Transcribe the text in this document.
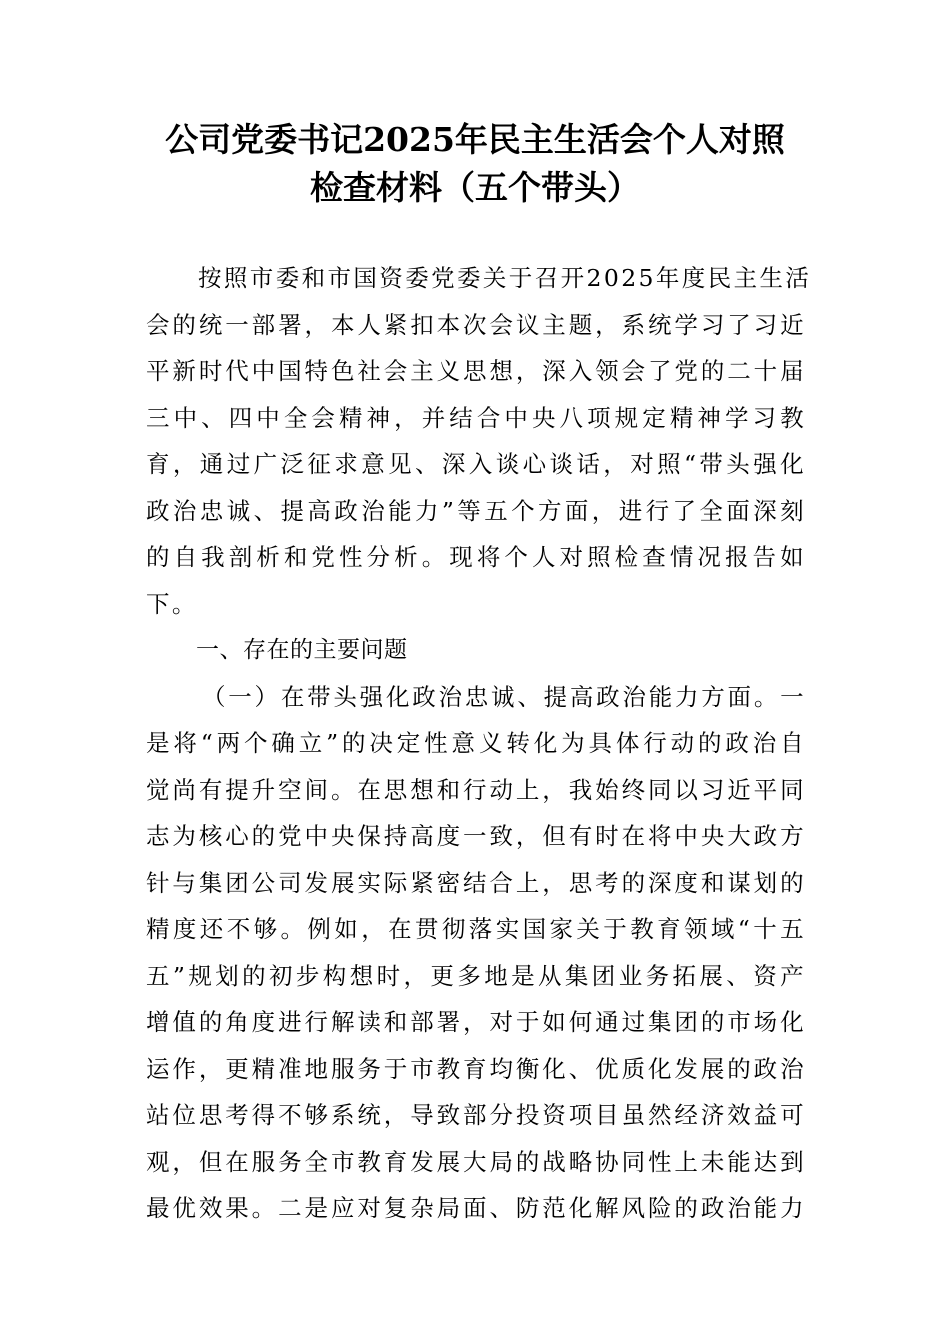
公司党委书记2025年民主生活会个人对照
检查材料（五个带头）
按照市委和市国资委党委关于召开2025年度民主生活
会的统一部署，本人紧扣本次会议主题，系统学习了习近
平新时代中国特色社会主义思想，深入领会了党的二十届
三中、四中全会精神，并结合中央八项规定精神学习教
育，通过广泛征求意见、深入谈心谈话，对照“带头强化
政治忠诚、提高政治能力”等五个方面，进行了全面深刻
的自我剖析和党性分析。现将个人对照检查情况报告如
下。
一、存在的主要问题
（一）在带头强化政治忠诚、提高政治能力方面。一
是将“两个确立”的决定性意义转化为具体行动的政治自
觉尚有提升空间。在思想和行动上，我始终同以习近平同
志为核心的党中央保持高度一致，但有时在将中央大政方
针与集团公司发展实际紧密结合上，思考的深度和谋划的
精度还不够。例如，在贯彻落实国家关于教育领域“十五
五”规划的初步构想时，更多地是从集团业务拓展、资产
增值的角度进行解读和部署，对于如何通过集团的市场化
运作，更精准地服务于市教育均衡化、优质化发展的政治
站位思考得不够系统，导致部分投资项目虽然经济效益可
观，但在服务全市教育发展大局的战略协同性上未能达到
最优效果。二是应对复杂局面、防范化解风险的政治能力
